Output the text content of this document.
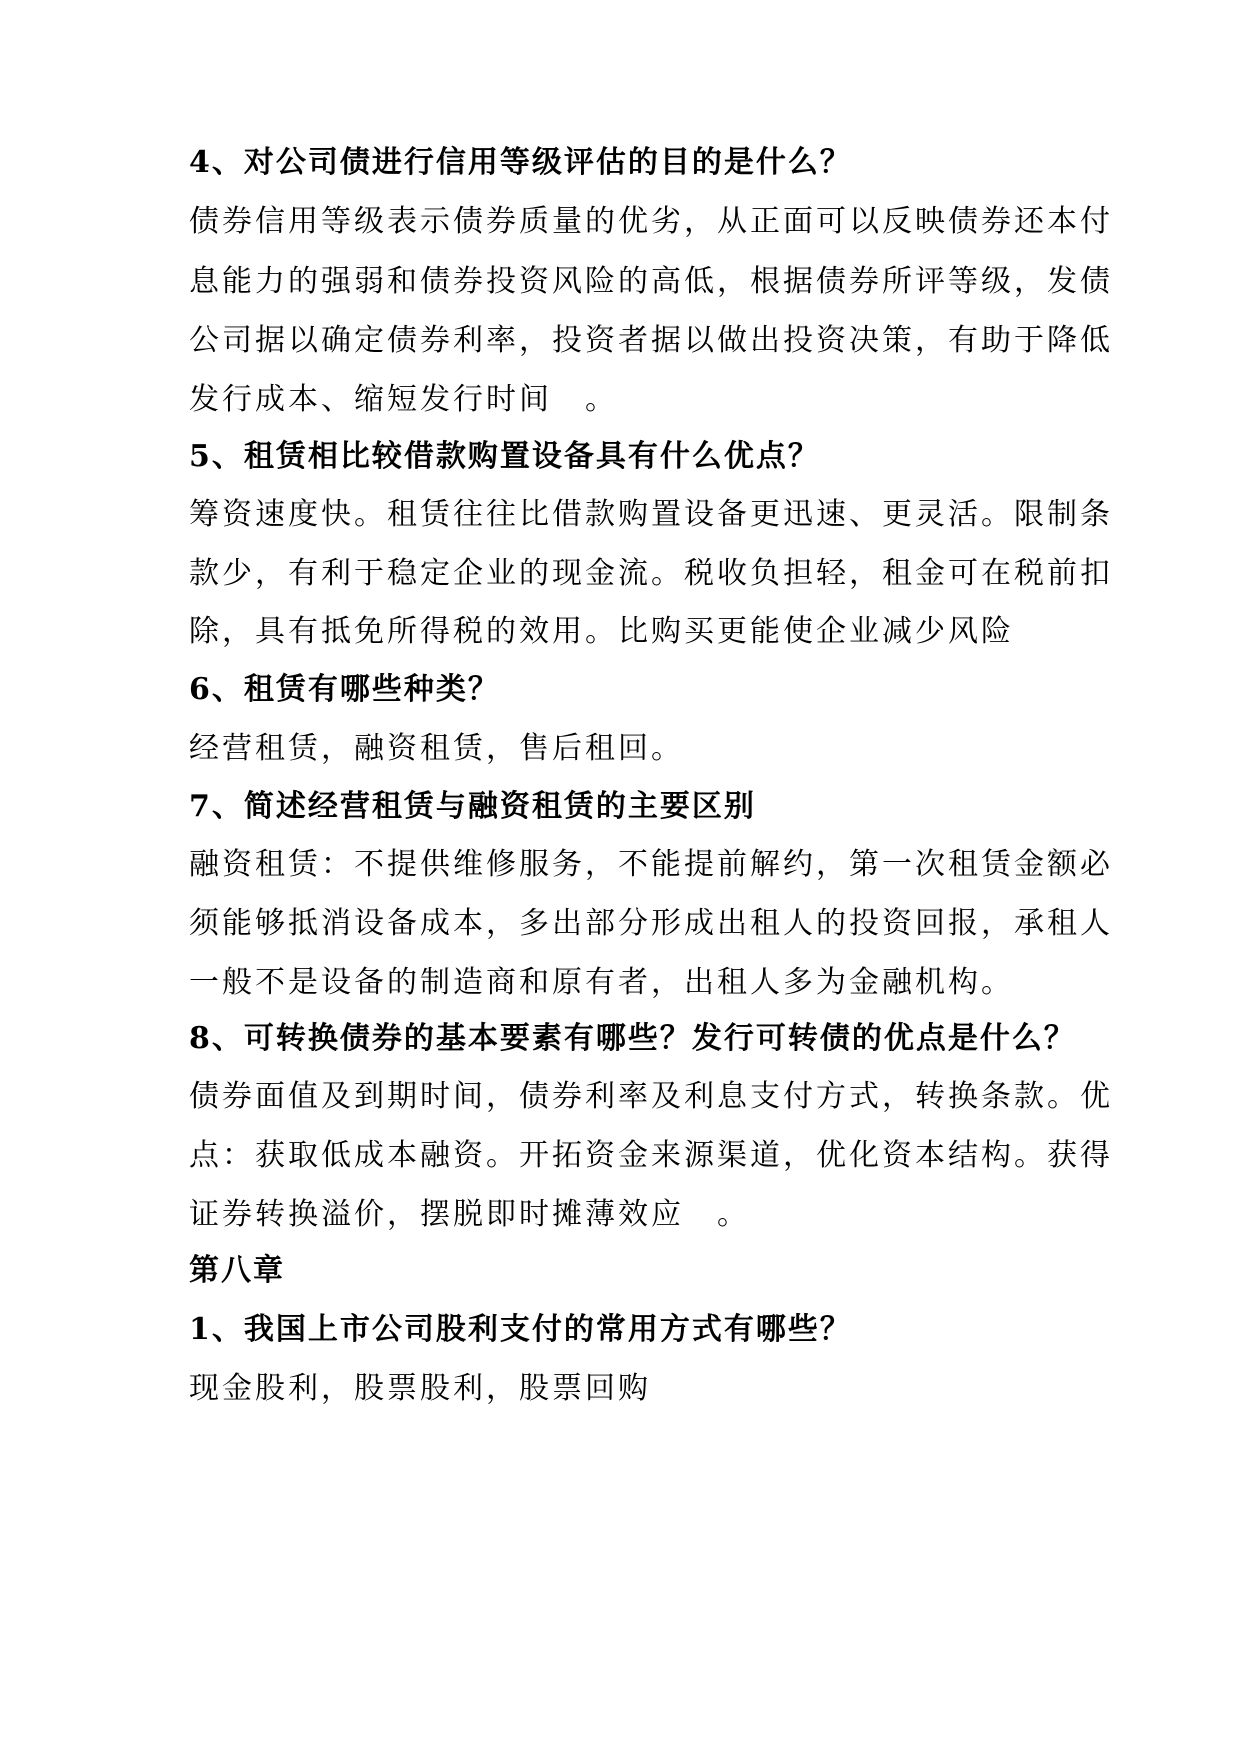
4、对公司债进行信用等级评估的目的是什么？
债券信用等级表示债券质量的优劣，从正面可以反映债券还本付
息能力的强弱和债券投资风险的高低，根据债券所评等级，发债
公司据以确定债券利率，投资者据以做出投资决策，有助于降低
发行成本、缩短发行时间　。
5、租赁相比较借款购置设备具有什么优点？
筹资速度快。租赁往往比借款购置设备更迅速、更灵活。限制条
款少，有利于稳定企业的现金流。税收负担轻，租金可在税前扣
除，具有抵免所得税的效用。比购买更能使企业减少风险
6、租赁有哪些种类？
经营租赁，融资租赁，售后租回。
7、简述经营租赁与融资租赁的主要区别
融资租赁：不提供维修服务，不能提前解约，第一次租赁金额必
须能够抵消设备成本，多出部分形成出租人的投资回报，承租人
一般不是设备的制造商和原有者，出租人多为金融机构。
8、可转换债券的基本要素有哪些？发行可转债的优点是什么？
债券面值及到期时间，债券利率及利息支付方式，转换条款。优
点：获取低成本融资。开拓资金来源渠道，优化资本结构。获得
证券转换溢价，摆脱即时摊薄效应　。
第八章
1、我国上市公司股利支付的常用方式有哪些？
现金股利，股票股利，股票回购
